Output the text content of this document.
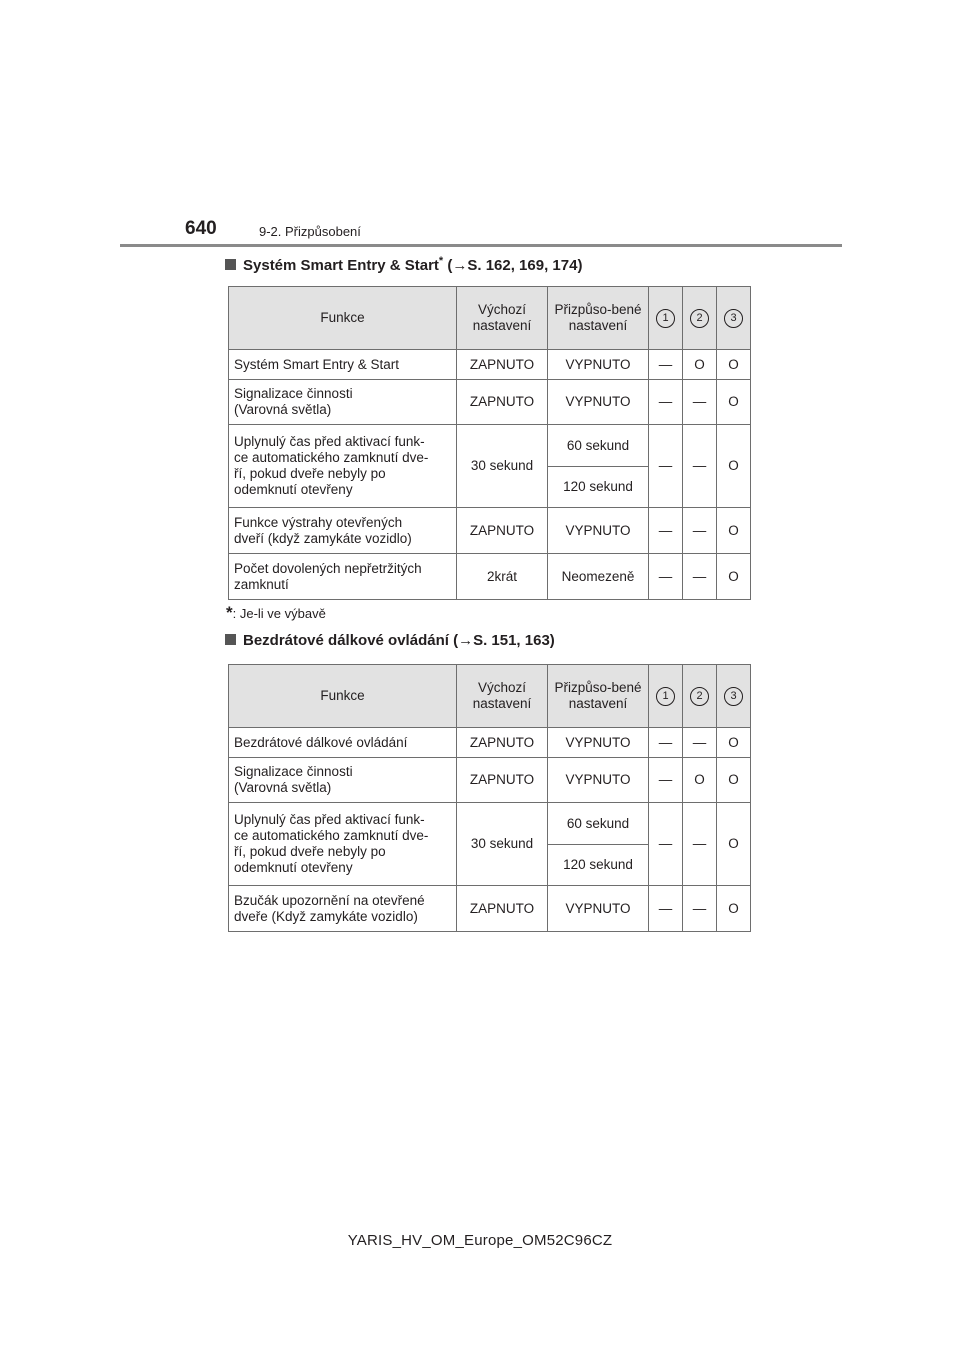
640	9-2. Přizpůsobení
Systém Smart Entry & Start* (→S. 162, 169, 174)
Funkce	Výchozí nastavení	Přizpůso-bené nastavení	1	2	3
Systém Smart Entry & Start	ZAPNUTO	VYPNUTO	—	O	O
Signalizace činnosti
(Varovná světla)	ZAPNUTO	VYPNUTO	—	—	O
Uplynulý čas před aktivací funk-
ce automatického zamknutí dve-
ří, pokud dveře nebyly po
odemknutí otevřeny	30 sekund	60 sekund	—	—	O
		120 sekund			
Funkce výstrahy otevřených
dveří (když zamykáte vozidlo)	ZAPNUTO	VYPNUTO	—	—	O
Počet dovolených nepřetržitých
zamknutí	2krát	Neomezeně	—	—	O
*: Je-li ve výbavě
Bezdrátové dálkové ovládání (→S. 151, 163)
Funkce	Výchozí nastavení	Přizpůso-bené nastavení	1	2	3
Bezdrátové dálkové ovládání	ZAPNUTO	VYPNUTO	—	—	O
Signalizace činnosti
(Varovná světla)	ZAPNUTO	VYPNUTO	—	O	O
Uplynulý čas před aktivací funk-
ce automatického zamknutí dve-
ří, pokud dveře nebyly po
odemknutí otevřeny	30 sekund	60 sekund	—	—	O
		120 sekund			
Bzučák upozornění na otevřené
dveře (Když zamykáte vozidlo)	ZAPNUTO	VYPNUTO	—	—	O
YARIS_HV_OM_Europe_OM52C96CZ
